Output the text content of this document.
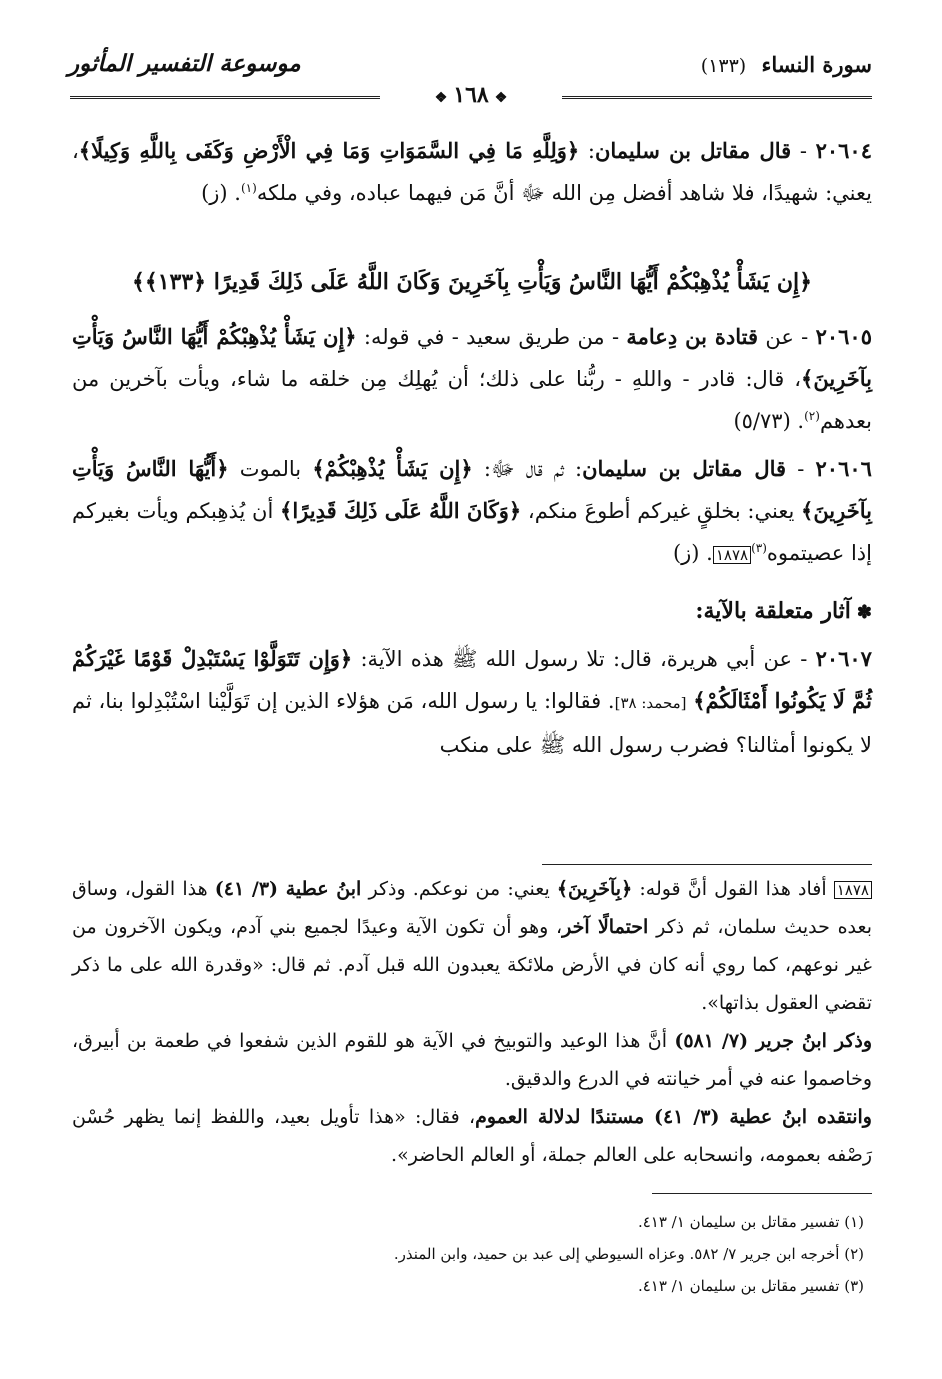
سورة النساء (١٣٣)
موسوعة التفسير المأثور
❖١٦٨❖

٢٠٦٠٤ - قال مقاتل بن سليمان: ﴿وَلِلَّهِ مَا فِي السَّمَوَاتِ وَمَا فِي الْأَرْضِ وَكَفَى بِاللَّهِ وَكِيلًا﴾، يعني: شهيدًا، فلا شاهد أفضل مِن الله ﷻ أنَّ مَن فيهما عباده، وفي ملكه$^{(١)}$. (ز)

﴿إِن يَشَأْ يُذْهِبْكُمْ أَيُّهَا النَّاسُ وَيَأْتِ بِآخَرِينَ وَكَانَ اللَّهُ عَلَى ذَلِكَ قَدِيرًا ﴿١٣٣﴾﴾

٢٠٦٠٥ - عن قتادة بن دِعامة - من طريق سعيد - في قوله: ﴿إِن يَشَأْ يُذْهِبْكُمْ أَيُّهَا النَّاسُ وَيَأْتِ بِآخَرِينَ﴾، قال: قادر - واللهِ - ربُّنا على ذلك؛ أن يُهلِك مِن خلقه ما شاء، ويأت بآخرين من بعدهم$^{(٢)}$. (٥/٧٣)

٢٠٦٠٦ - قال مقاتل بن سليمان: ثم قال ﷻ: ﴿إِن يَشَأْ يُذْهِبْكُمْ﴾ بالموت ﴿أَيُّهَا النَّاسُ وَيَأْتِ بِآخَرِينَ﴾ يعني: بخلقٍ غيركم أطوعَ منكم، ﴿وَكَانَ اللَّهُ عَلَى ذَلِكَ قَدِيرًا﴾ أن يُذهِبكم ويأت بغيركم إذا عصيتموه$^{(٣)}$١٨٧٨. (ز)

✽آثار متعلقة بالآية:

٢٠٦٠٧ - عن أبي هريرة، قال: تلا رسول الله ﷺ هذه الآية: ﴿وَإِن تَتَوَلَّوْا يَسْتَبْدِلْ قَوْمًا غَيْرَكُمْ ثُمَّ لَا يَكُونُوا أَمْثَالَكُمْ﴾ [محمد: ٣٨]. فقالوا: يا رسول الله، مَن هؤلاء الذين إن تَوَلَّيْنا اسْتُبْدِلوا بنا، ثم لا يكونوا أمثالنا؟ فضرب رسول الله ﷺ على منكب

١٨٧٨ أفاد هذا القول أنَّ قوله: ﴿بِآخَرِينَ﴾ يعني: من نوعكم. وذكر ابنُ عطية (٣/ ٤١) هذا القول، وساق بعده حديث سلمان، ثم ذكر احتمالًا آخر، وهو أن تكون الآية وعيدًا لجميع بني آدم، ويكون الآخرون من غير نوعهم، كما روي أنه كان في الأرض ملائكة يعبدون الله قبل آدم. ثم قال: «وقدرة الله على ما ذكر تقضي العقول بذاتها».

وذكر ابنُ جرير (٧/ ٥٨١) أنَّ هذا الوعيد والتوبيخ في الآية هو للقوم الذين شفعوا في طعمة بن أبيرق، وخاصموا عنه في أمر خيانته في الدرع والدقيق.

وانتقده ابنُ عطية (٣/ ٤١) مستندًا لدلالة العموم، فقال: «هذا تأويل بعيد، واللفظ إنما يظهر حُسْن رَصْفه بعمومه، وانسحابه على العالم جملة، أو العالم الحاضر».

(١) تفسير مقاتل بن سليمان ١/ ٤١٣.

(٢) أخرجه ابن جرير ٧/ ٥٨٢. وعزاه السيوطي إلى عبد بن حميد، وابن المنذر.

(٣) تفسير مقاتل بن سليمان ١/ ٤١٣.
